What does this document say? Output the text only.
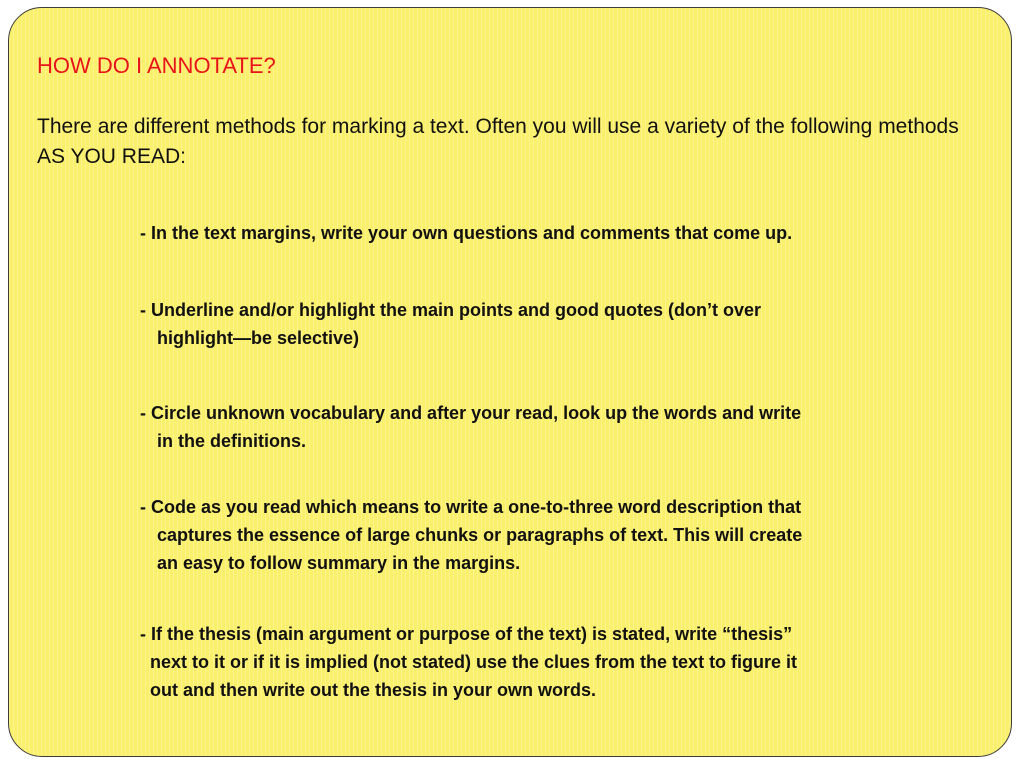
HOW DO I ANNOTATE?

There are different methods for marking a text. Often you will use a variety of the following methods AS YOU READ:

- In the text margins, write your own questions and comments that come up.

- Underline and/or highlight the main points and good quotes (don’t over
highlight—be selective)

- Circle unknown vocabulary and after your read, look up the words and write
in the definitions.

- Code as you read which means to write a one-to-three word description that
captures the essence of large chunks or paragraphs of text. This will create
an easy to follow summary in the margins.

- If the thesis (main argument or purpose of the text) is stated, write “thesis”
next to it or if it is implied (not stated) use the clues from the text to figure it
out and then write out the thesis in your own words.
